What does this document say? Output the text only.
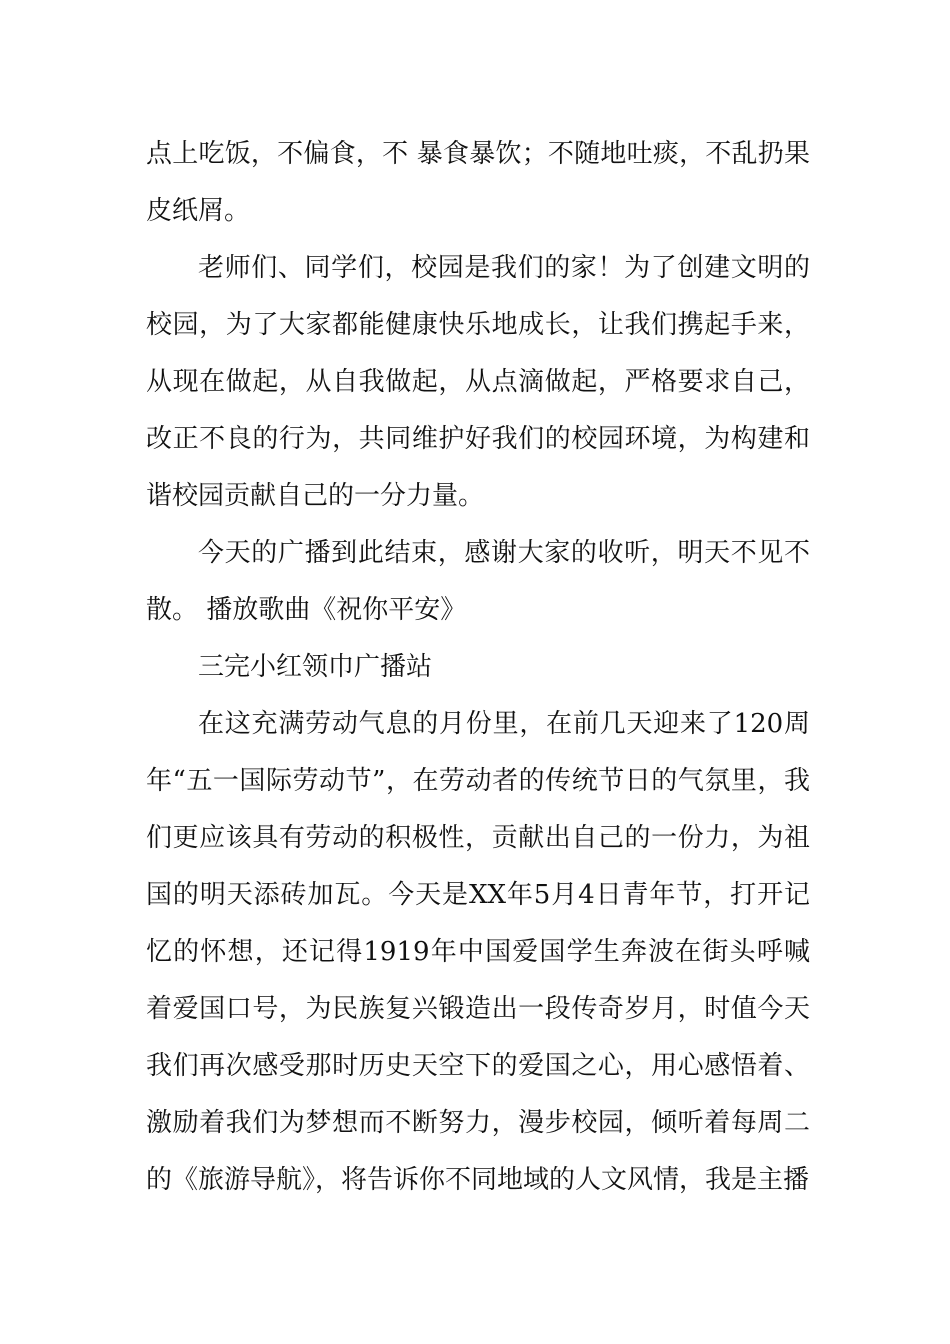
点上吃饭，不偏食，不 暴食暴饮；不随地吐痰，不乱扔果皮纸屑。

老师们、同学们，校园是我们的家！为了创建文明的校园，为了大家都能健康快乐地成长，让我们携起手来，从现在做起，从自我做起，从点滴做起，严格要求自己，改正不良的行为，共同维护好我们的校园环境，为构建和谐校园贡献自己的一分力量。

今天的广播到此结束，感谢大家的收听，明天不见不散。 播放歌曲《祝你平安》

三完小红领巾广播站

在这充满劳动气息的月份里，在前几天迎来了120周年“五一国际劳动节”，在劳动者的传统节日的气氛里，我们更应该具有劳动的积极性，贡献出自己的一份力，为祖国的明天添砖加瓦。今天是XX年5月4日青年节，打开记忆的怀想，还记得1919年中国爱国学生奔波在街头呼喊着爱国口号，为民族复兴锻造出一段传奇岁月，时值今天我们再次感受那时历史天空下的爱国之心，用心感悟着、激励着我们为梦想而不断努力，漫步校园，倾听着每周二的《旅游导航》，将告诉你不同地域的人文风情，我是主播
